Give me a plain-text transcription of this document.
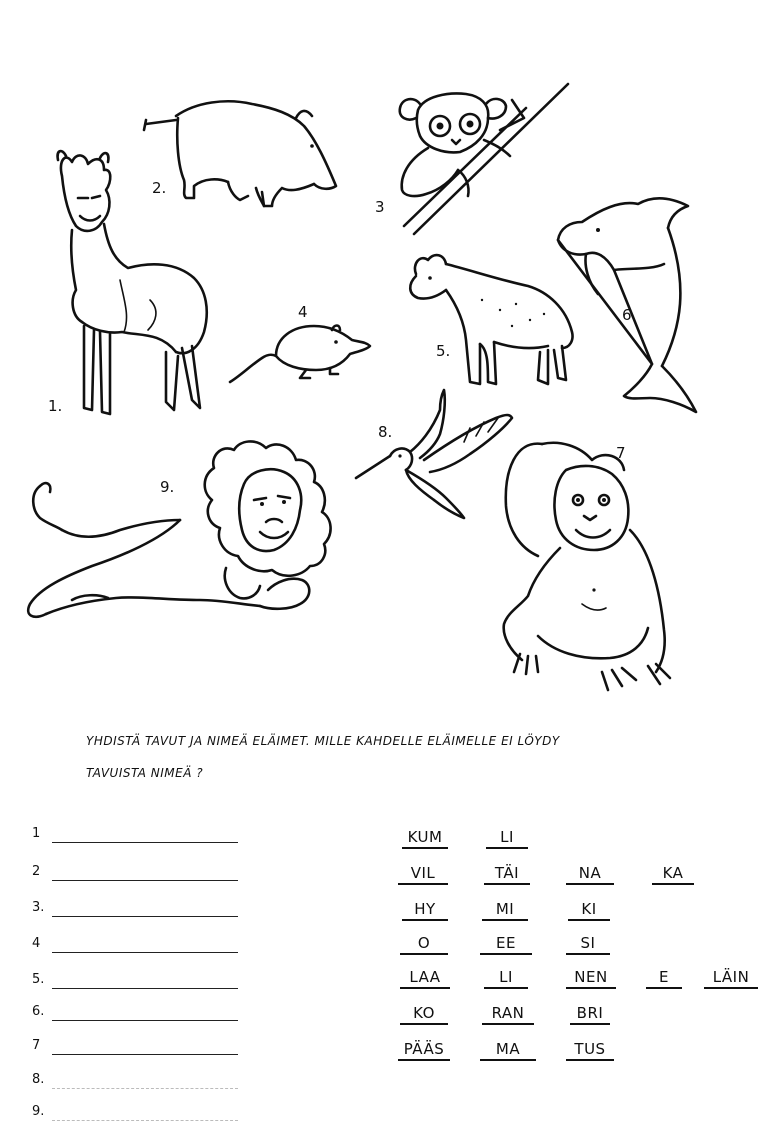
1.
2.
3
4
5.
6
7
8.
9.
YHDISTÄ TAVUT JA NIMEÄ ELÄIMET. MILLE KAHDELLE ELÄIMELLE EI LÖYDY
TAVUISTA NIMEÄ ?
1
2
3.
4
5.
6.
7
8.
9.
KUM	LI
VIL	TÄI	NA	KA
HY	MI	KI
O	EE	SI
LAA	LI	NEN	E	LÄIN
KO	RAN	BRI
PÄÄS	MA	TUS
